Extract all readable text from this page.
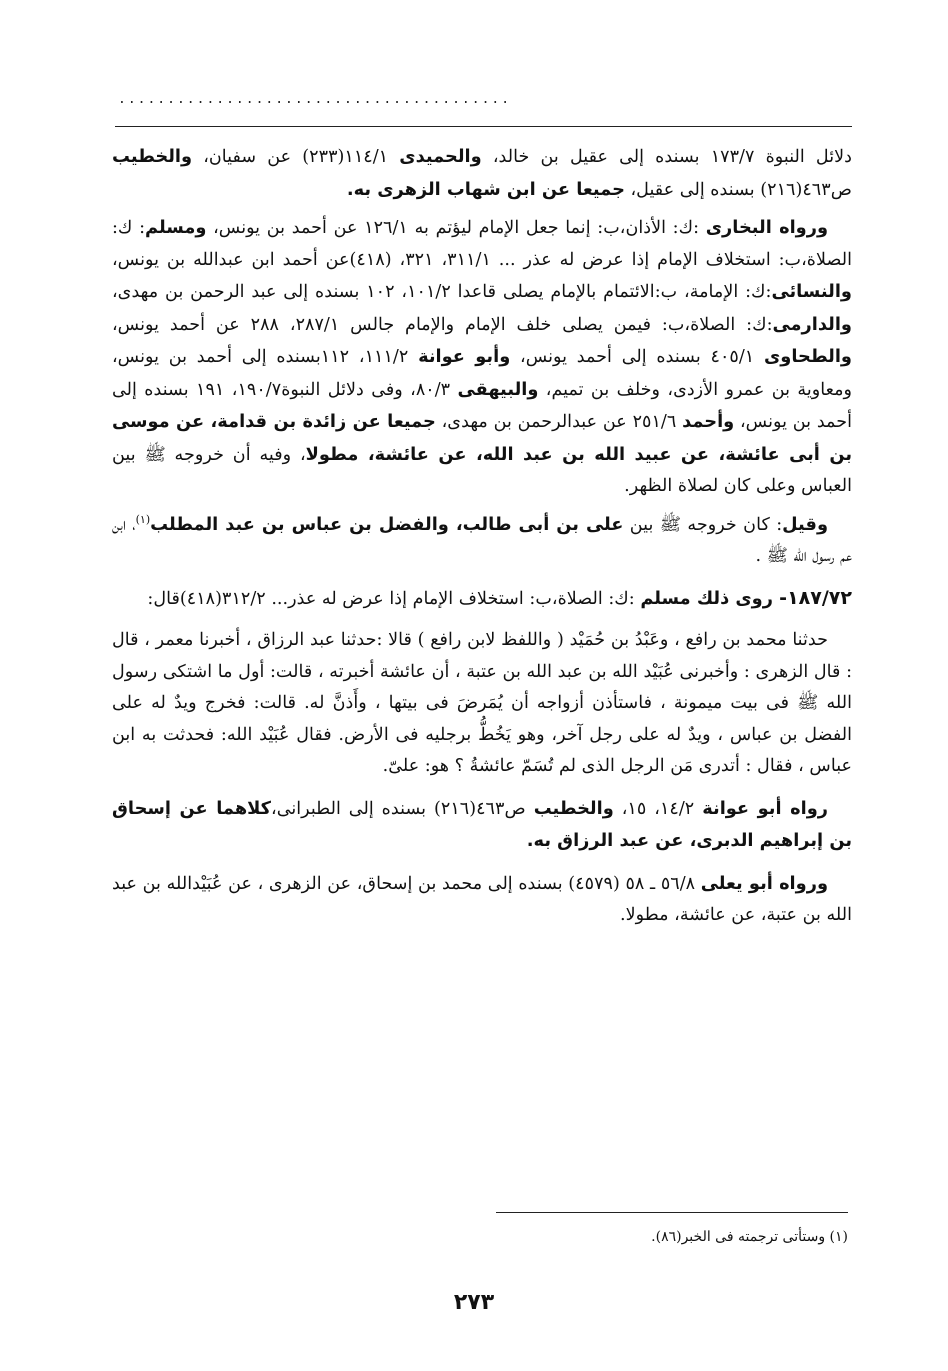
........................................

دلائل النبوة ١٧٣/٧ بسنده إلى عقيل بن خالد، والحميدى ١١٤/١(٢٣٣) عن سفيان، والخطيب ص٤٦٣(٢١٦) بسنده إلى عقيل، جميعا عن ابن شهاب الزهرى به.

ورواه البخارى :ك: الأذان،ب: إنما جعل الإمام ليؤتم به ١٢٦/١ عن أحمد بن يونس، ومسلم: ك: الصلاة،ب: استخلاف الإمام إذا عرض له عذر ... ٣١١/١، ٣٢١، (٤١٨)عن أحمد ابن عبدالله بن يونس، والنسائى:ك: الإمامة، ب:الائتمام بالإمام يصلى قاعدا ١٠١/٢، ١٠٢ بسنده إلى عبد الرحمن بن مهدى، والدارمى:ك: الصلاة،ب: فيمن يصلى خلف الإمام والإمام جالس ٢٨٧/١، ٢٨٨ عن أحمد يونس، والطحاوى ٤٠٥/١ بسنده إلى أحمد يونس، وأبو عوانة ١١١/٢، ١١٢بسنده إلى أحمد بن يونس، ومعاوية بن عمرو الأزدى، وخلف بن تميم، والبيهقى ٨٠/٣، وفى دلائل النبوة١٩٠/٧، ١٩١ بسنده إلى أحمد بن يونس، وأحمد ٢٥١/٦ عن عبدالرحمن بن مهدى، جميعا عن زائدة بن قدامة، عن موسى بن أبى عائشة، عن عبيد الله بن عبد الله، عن عائشة، مطولا، وفيه أن خروجه ﷺ بين العباس وعلى كان لصلاة الظهر.

وقيل: كان خروجه ﷺ بين على بن أبى طالب، والفضل بن عباس بن عبد المطلب$^{(١)}$، ابن عم رسول الله ﷺ .

١٨٧/٧٢- روى ذلك مسلم :ك: الصلاة،ب: استخلاف الإمام إذا عرض له عذر... ٣١٢/٢(٤١٨)قال:

حدثنا محمد بن رافع ، وعَبْدُ بن حُمَيْد ( واللفظ لابن رافع ) قالا :حدثنا عبد الرزاق ، أخبرنا معمر ، قال : قال الزهرى : وأخبرنى عُبَيْد الله بن عبد الله بن عتبة ، أن عائشة أخبرته ، قالت: أول ما اشتكى رسول الله ﷺ فى بيت ميمونة ، فاستأذن أزواجه أن يُمَرضَ فى بيتها ، وأَذنَّ له. قالت: فخرج ويدٌ له على الفضل بن عباس ، ويدٌ له على رجل آخر، وهو يَخُطُّ برجليه فى الأرض. فقال عُبَيْد الله: فحدثت به ابن عباس ، فقال : أتدرى مَن الرجل الذى لم تُسَمّ عائشةُ ؟ هو: علىّ.

رواه أبو عوانة ١٤/٢، ١٥، والخطيب ص٤٦٣(٢١٦) بسنده إلى الطبرانى،كلاهما عن إسحاق بن إبراهيم الدبرى، عن عبد الرزاق به.

ورواه أبو يعلى ٥٦/٨ ـ ٥٨ (٤٥٧٩) بسنده إلى محمد بن إسحاق، عن الزهرى ، عن عُبَيْدالله بن عبد الله بن عتبة، عن عائشة، مطولا.

(١) وستأتى ترجمته فى الخبر(٨٦).
٢٧٣
